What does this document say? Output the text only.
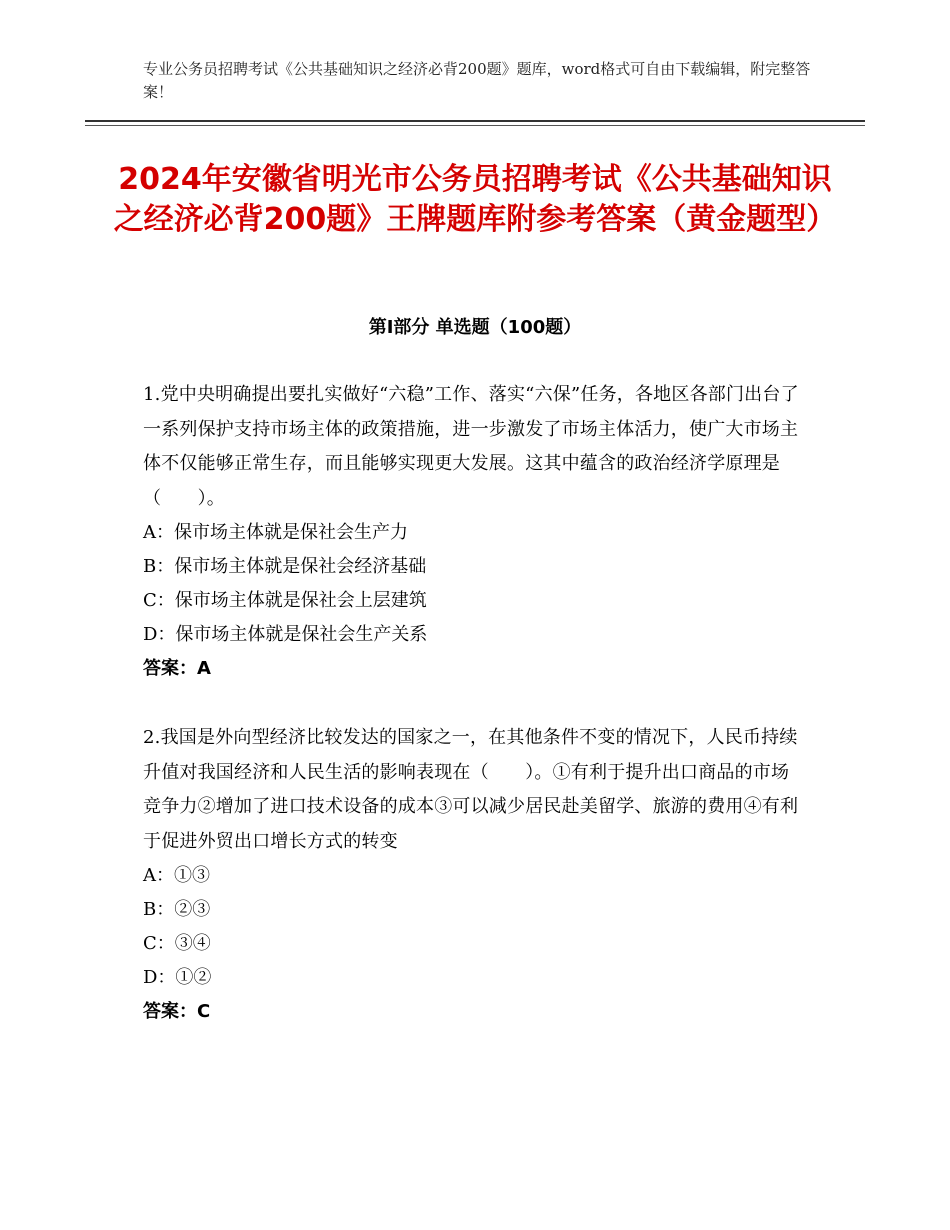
专业公务员招聘考试《公共基础知识之经济必背200题》题库，word格式可自由下载编辑，附完整答案！
2024年安徽省明光市公务员招聘考试《公共基础知识之经济必背200题》王牌题库附参考答案（黄金题型）
第Ⅰ部分 单选题（100题）

1.党中央明确提出要扎实做好“六稳”工作、落实“六保”任务，各地区各部门出台了一系列保护支持市场主体的政策措施，进一步激发了市场主体活力，使广大市场主体不仅能够正常生存，而且能够实现更大发展。这其中蕴含的政治经济学原理是（　　）。

A：保市场主体就是保社会生产力

B：保市场主体就是保社会经济基础

C：保市场主体就是保社会上层建筑

D：保市场主体就是保社会生产关系

答案：A

2.我国是外向型经济比较发达的国家之一，在其他条件不变的情况下，人民币持续升值对我国经济和人民生活的影响表现在（　　）。①有利于提升出口商品的市场竞争力②增加了进口技术设备的成本③可以减少居民赴美留学、旅游的费用④有利于促进外贸出口增长方式的转变

A：①③

B：②③

C：③④

D：①②

答案：C
